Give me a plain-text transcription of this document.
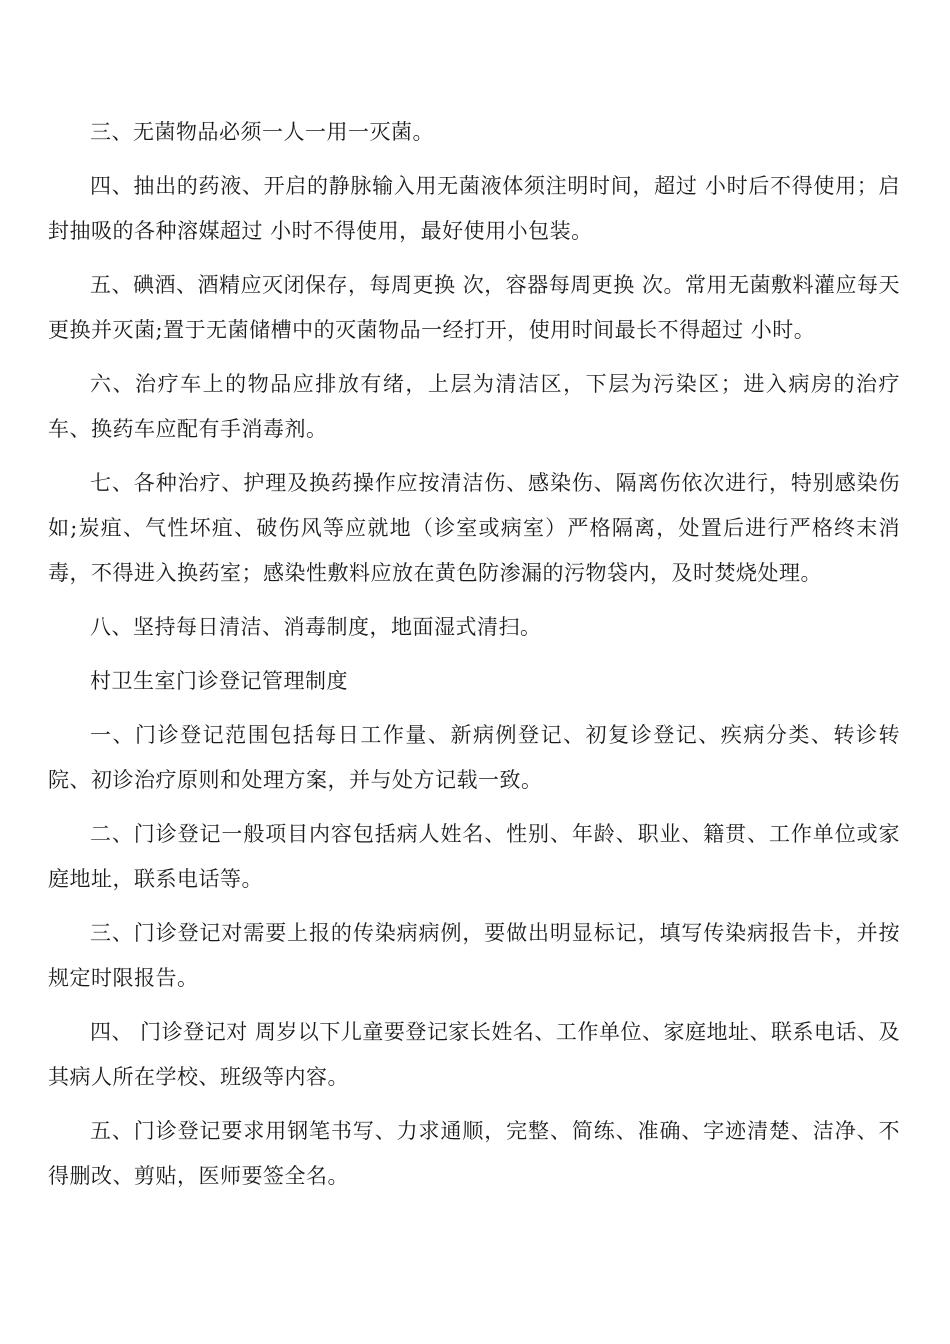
三、无菌物品必须一人一用一灭菌。

四、抽出的药液、开启的静脉输入用无菌液体须注明时间，超过 小时后不得使用；启封抽吸的各种溶媒超过 小时不得使用，最好使用小包装。

五、碘酒、酒精应灭闭保存，每周更换 次，容器每周更换 次。常用无菌敷料灌应每天更换并灭菌;置于无菌储槽中的灭菌物品一经打开，使用时间最长不得超过 小时。

六、治疗车上的物品应排放有绪，上层为清洁区，下层为污染区；进入病房的治疗车、换药车应配有手消毒剂。

七、各种治疗、护理及换药操作应按清洁伤、感染伤、隔离伤依次进行，特别感染伤如;炭疽、气性坏疽、破伤风等应就地（诊室或病室）严格隔离，处置后进行严格终末消毒，不得进入换药室；感染性敷料应放在黄色防渗漏的污物袋内，及时焚烧处理。

八、坚持每日清洁、消毒制度，地面湿式清扫。

村卫生室门诊登记管理制度

一、门诊登记范围包括每日工作量、新病例登记、初复诊登记、疾病分类、转诊转院、初诊治疗原则和处理方案，并与处方记载一致。

二、门诊登记一般项目内容包括病人姓名、性别、年龄、职业、籍贯、工作单位或家庭地址，联系电话等。

三、门诊登记对需要上报的传染病病例，要做出明显标记，填写传染病报告卡，并按规定时限报告。

四、 门诊登记对 周岁以下儿童要登记家长姓名、工作单位、家庭地址、联系电话、及其病人所在学校、班级等内容。

五、门诊登记要求用钢笔书写、力求通顺，完整、简练、准确、字迹清楚、洁净、不得删改、剪贴，医师要签全名。
